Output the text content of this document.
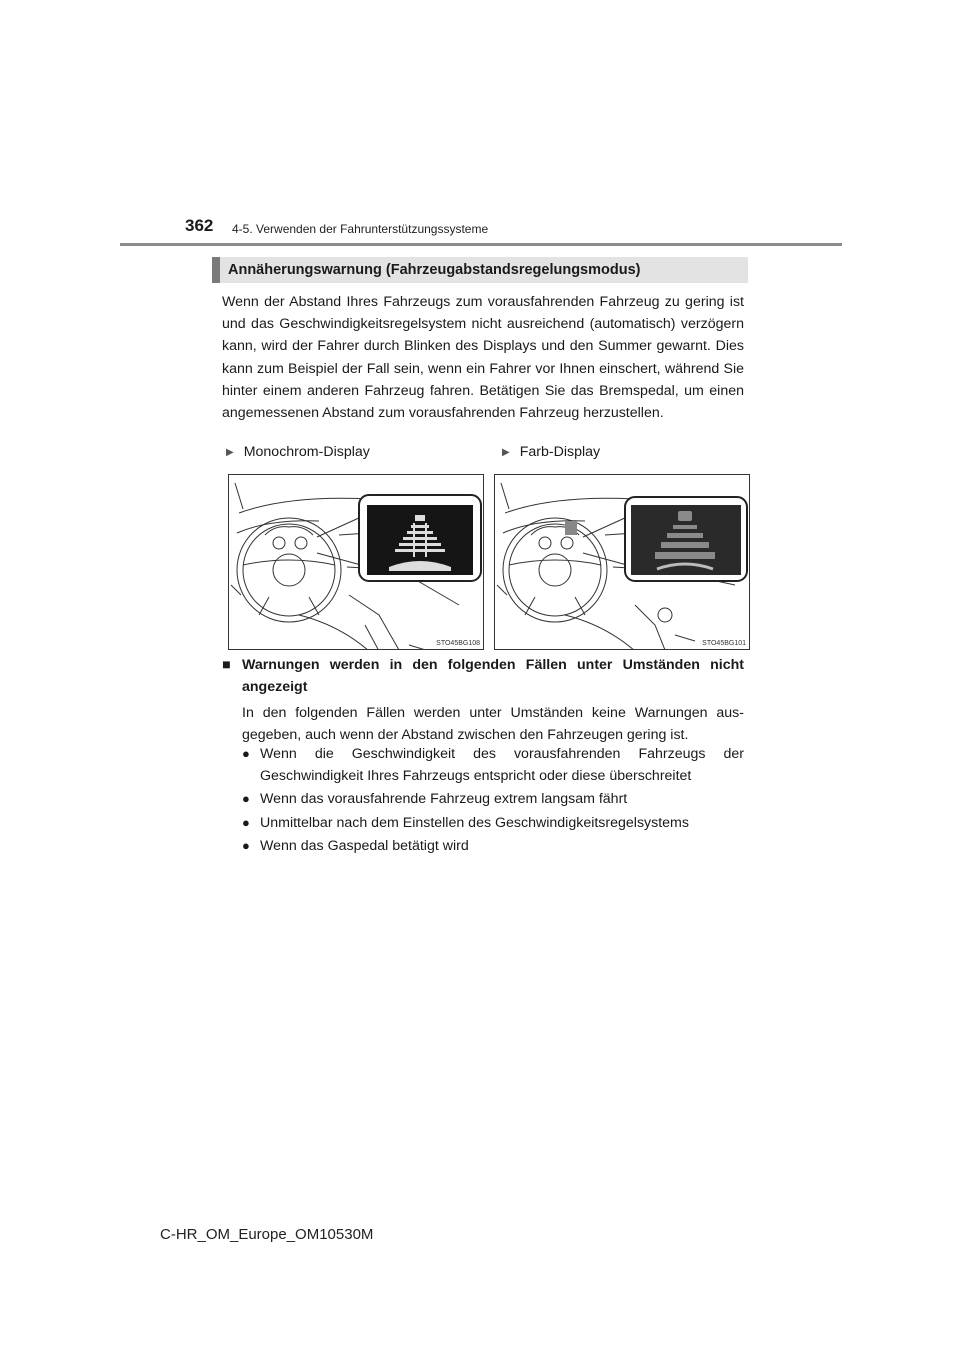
362 4-5. Verwenden der Fahrunterstützungssysteme
Annäherungswarnung (Fahrzeugabstandsregelungsmodus)

Wenn der Abstand Ihres Fahrzeugs zum vorausfahrenden Fahrzeug zu gering ist und das Geschwindigkeitsregelsystem nicht ausreichend (automatisch) verzögern kann, wird der Fahrer durch Blinken des Displays und den Summer gewarnt. Dies kann zum Beispiel der Fall sein, wenn ein Fahrer vor Ihnen einschert, während Sie hinter einem anderen Fahrzeug fahren. Betätigen Sie das Bremspedal, um einen angemessenen Abstand zum vorausfahrenden Fahrzeug herzustellen.

▶ Monochrom-Display	▶ Farb-Display
STO45BG108	STO45BG101
■ Warnungen werden in den folgenden Fällen unter Umständen nicht angezeigt

In den folgenden Fällen werden unter Umständen keine Warnungen ausgegeben, auch wenn der Abstand zwischen den Fahrzeugen gering ist.

● Wenn die Geschwindigkeit des vorausfahrenden Fahrzeugs der Geschwindigkeit Ihres Fahrzeugs entspricht oder diese überschreitet
● Wenn das vorausfahrende Fahrzeug extrem langsam fährt
● Unmittelbar nach dem Einstellen des Geschwindigkeitsregelsystems
● Wenn das Gaspedal betätigt wird
C-HR_OM_Europe_OM10530M
